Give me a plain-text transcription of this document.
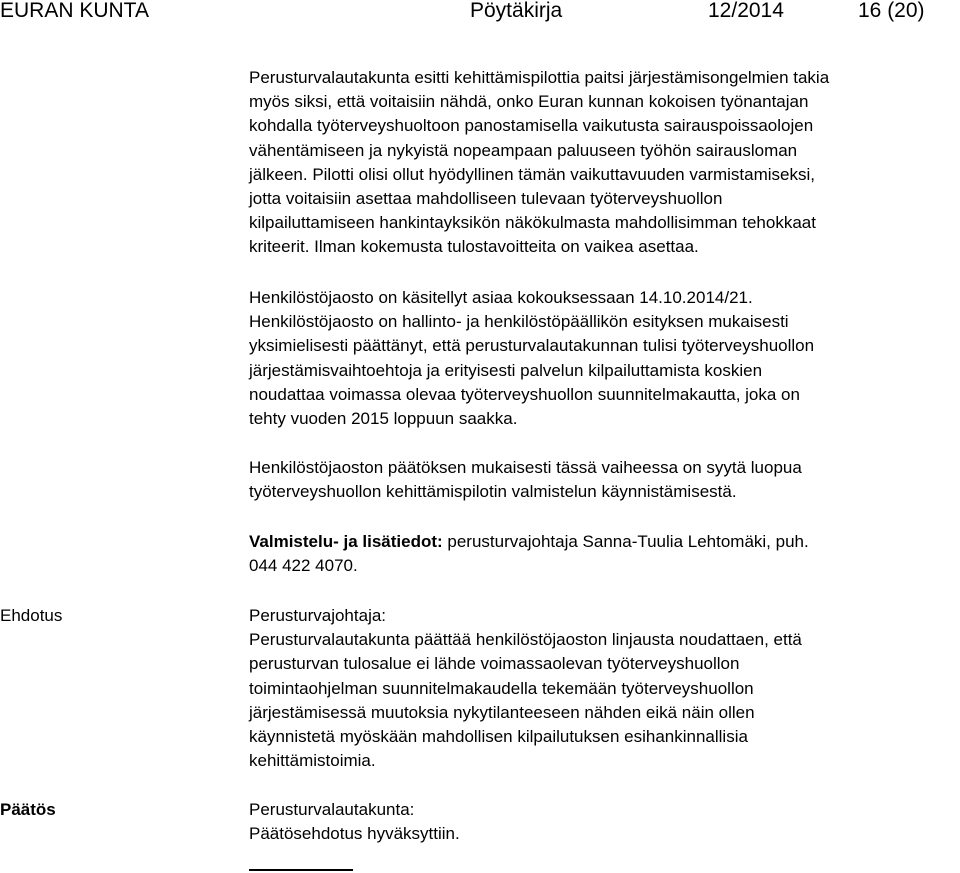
EURAN KUNTA	Pöytäkirja	12/2014	16 (20)
Perusturvalautakunta esitti kehittämispilottia paitsi järjestämisongelmien takia
myös siksi, että voitaisiin nähdä, onko Euran kunnan kokoisen työnantajan
kohdalla työterveyshuoltoon panostamisella vaikutusta sairauspoissaolojen
vähentämiseen ja nykyistä nopeampaan paluuseen työhön sairausloman
jälkeen. Pilotti olisi ollut hyödyllinen tämän vaikuttavuuden varmistamiseksi,
jotta voitaisiin asettaa mahdolliseen tulevaan työterveyshuollon
kilpailuttamiseen hankintayksikön näkökulmasta mahdollisimman tehokkaat
kriteerit. Ilman kokemusta tulostavoitteita on vaikea asettaa.
Henkilöstöjaosto on käsitellyt asiaa kokouksessaan 14.10.2014/21.
Henkilöstöjaosto on hallinto- ja henkilöstöpäällikön esityksen mukaisesti
yksimielisesti päättänyt, että perusturvalautakunnan tulisi työterveyshuollon
järjestämisvaihtoehtoja ja erityisesti palvelun kilpailuttamista koskien
noudattaa voimassa olevaa työterveyshuollon suunnitelmakautta, joka on
tehty vuoden 2015 loppuun saakka.
Henkilöstöjaoston päätöksen mukaisesti tässä vaiheessa on syytä luopua
työterveyshuollon kehittämispilotin valmistelun käynnistämisestä.
Valmistelu- ja lisätiedot: perusturvajohtaja Sanna-Tuulia Lehtomäki, puh.
044 422 4070.
Ehdotus	Perusturvajohtaja:
Perusturvalautakunta päättää henkilöstöjaoston linjausta noudattaen, että
perusturvan tulosalue ei lähde voimassaolevan työterveyshuollon
toimintaohjelman suunnitelmakaudella tekemään työterveyshuollon
järjestämisessä muutoksia nykytilanteeseen nähden eikä näin ollen
käynnistetä myöskään mahdollisen kilpailutuksen esihankinnallisia
kehittämistoimia.
Päätös	Perusturvalautakunta:
Päätösehdotus hyväksyttiin.
